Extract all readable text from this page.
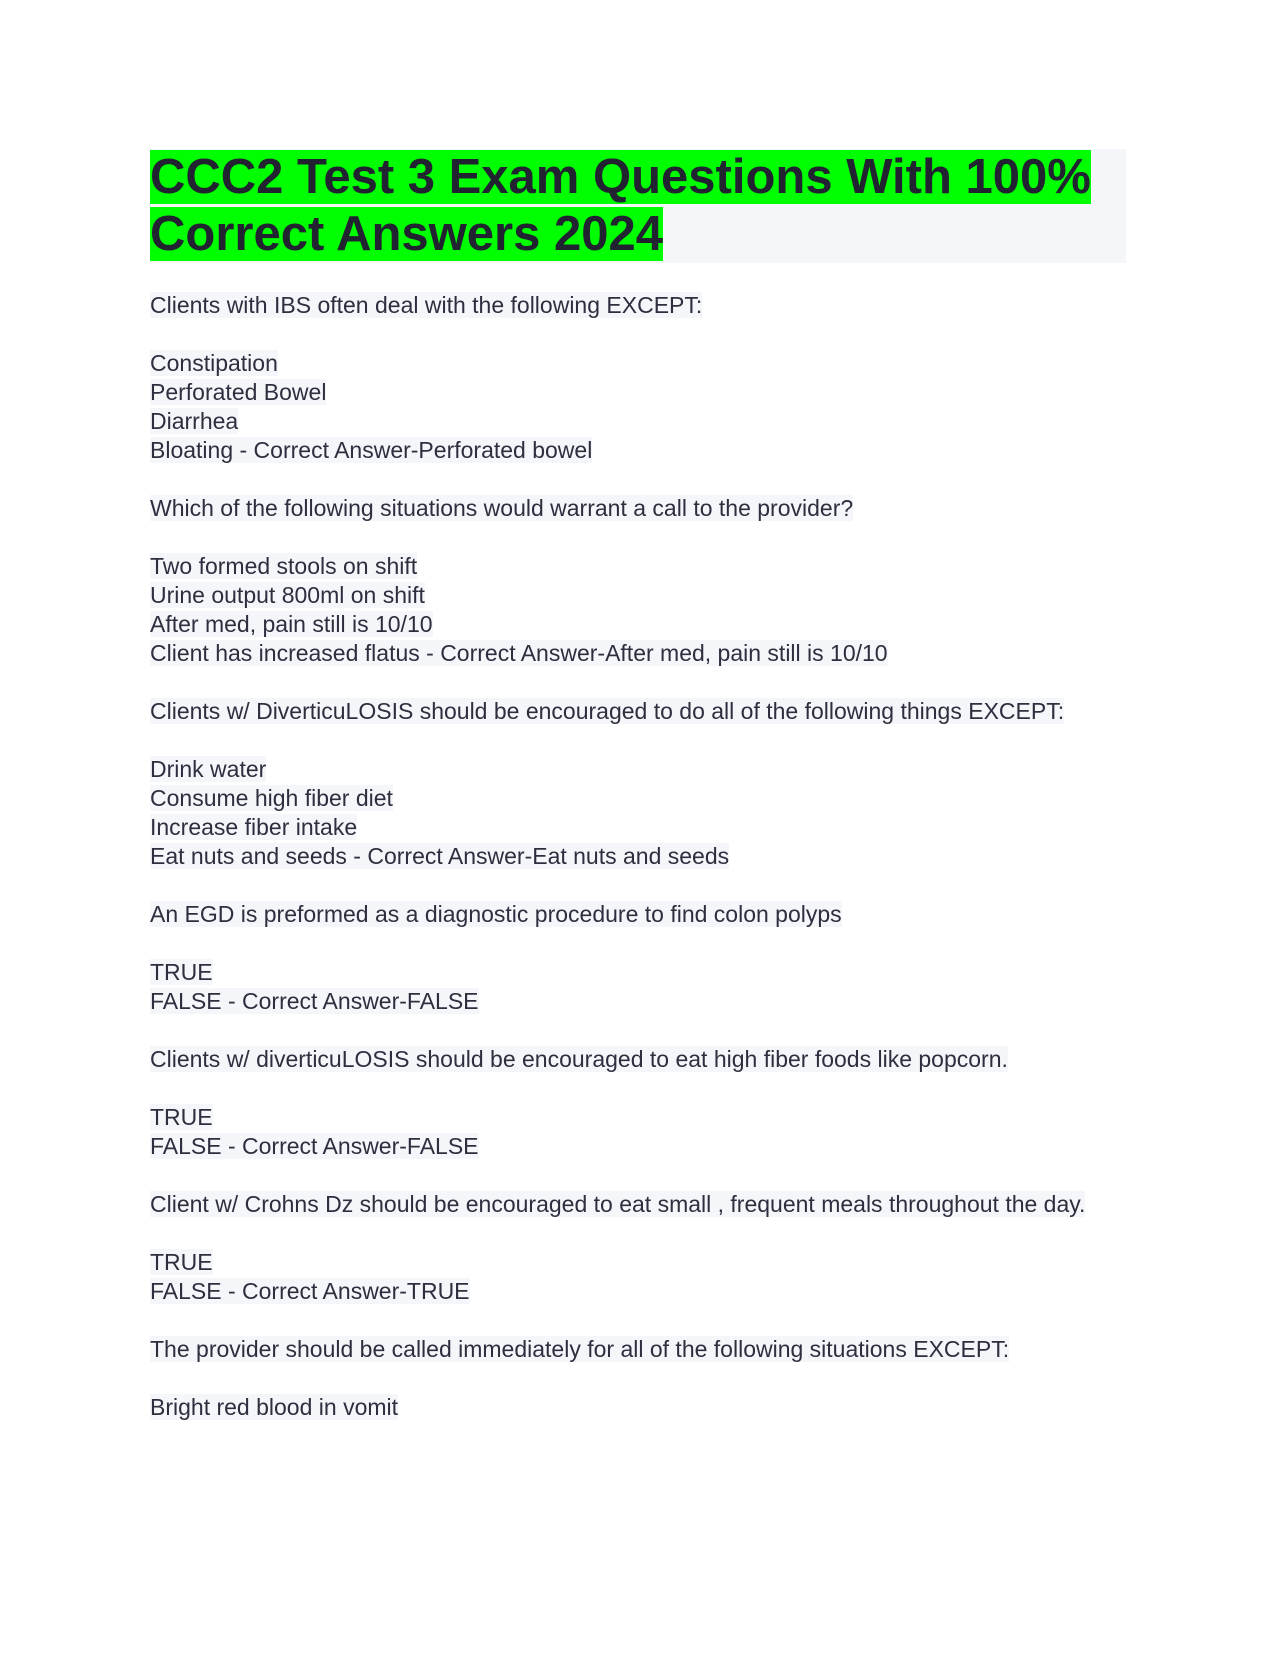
CCC2 Test 3 Exam Questions With 100% Correct Answers 2024
Clients with IBS often deal with the following EXCEPT:
Constipation
Perforated Bowel
Diarrhea
Bloating - Correct Answer-Perforated bowel
Which of the following situations would warrant a call to the provider?
Two formed stools on shift
Urine output 800ml on shift
After med, pain still is 10/10
Client has increased flatus - Correct Answer-After med, pain still is 10/10
Clients w/ DiverticuLOSIS should be encouraged to do all of the following things EXCEPT:
Drink water
Consume high fiber diet
Increase fiber intake
Eat nuts and seeds - Correct Answer-Eat nuts and seeds
An EGD is preformed as a diagnostic procedure to find colon polyps
TRUE
FALSE - Correct Answer-FALSE
Clients w/ diverticuLOSIS should be encouraged to eat high fiber foods like popcorn.
TRUE
FALSE - Correct Answer-FALSE
Client w/ Crohns Dz should be encouraged to eat small , frequent meals throughout the day.
TRUE
FALSE - Correct Answer-TRUE
The provider should be called immediately for all of the following situations EXCEPT:
Bright red blood in vomit
